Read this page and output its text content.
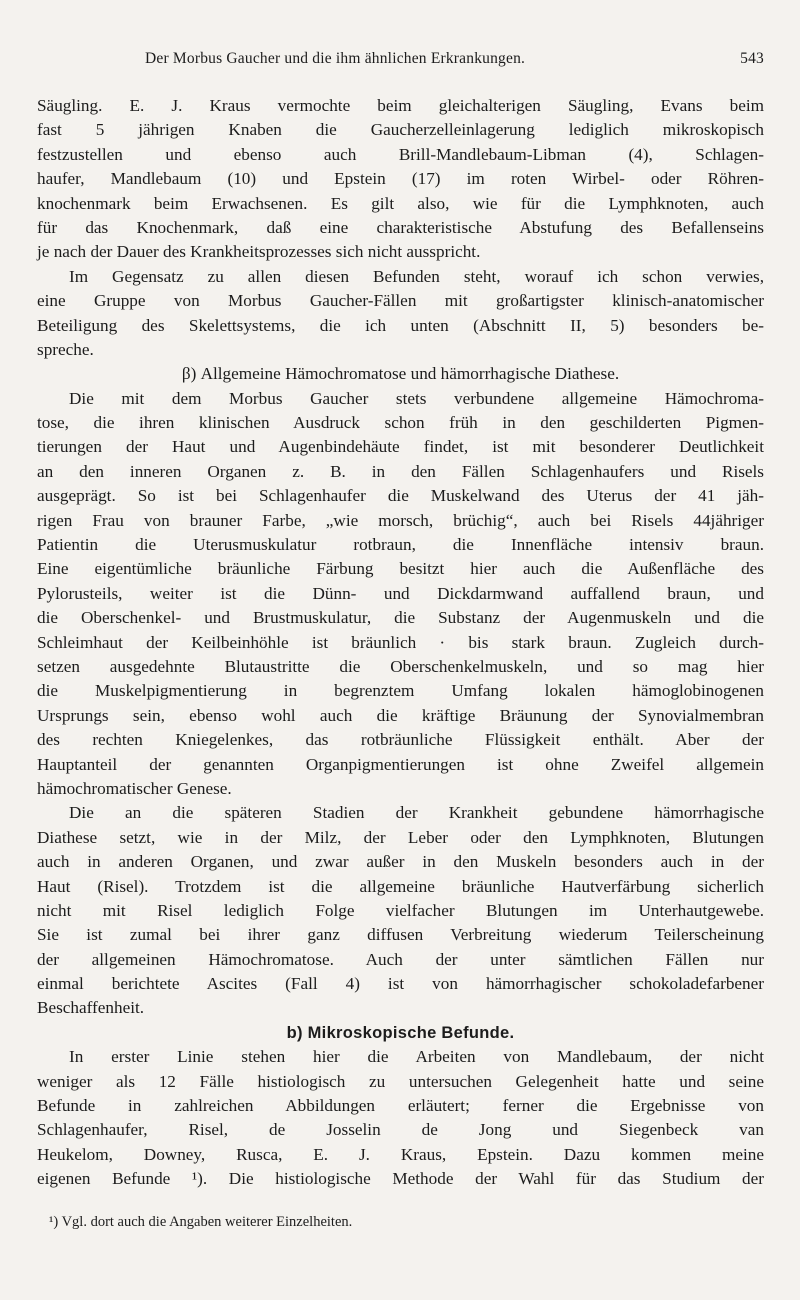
Der Morbus Gaucher und die ihm ähnlichen Erkrankungen.	543
Säugling. E. J. Kraus vermochte beim gleichalterigen Säugling, Evans beim
fast 5 jährigen Knaben die Gaucherzelleinlagerung lediglich mikroskopisch
festzustellen und ebenso auch Brill-Mandlebaum-Libman (4), Schlagen-
haufer, Mandlebaum (10) und Epstein (17) im roten Wirbel- oder Röhren-
knochenmark beim Erwachsenen. Es gilt also, wie für die Lymphknoten, auch
für das Knochenmark, daß eine charakteristische Abstufung des Befallenseins
je nach der Dauer des Krankheitsprozesses sich nicht ausspricht.
Im Gegensatz zu allen diesen Befunden steht, worauf ich schon verwies,
eine Gruppe von Morbus Gaucher-Fällen mit großartigster klinisch-anatomischer
Beteiligung des Skelettsystems, die ich unten (Abschnitt II, 5) besonders be-
spreche.
β) Allgemeine Hämochromatose und hämorrhagische Diathese.
Die mit dem Morbus Gaucher stets verbundene allgemeine Hämochroma-
tose, die ihren klinischen Ausdruck schon früh in den geschilderten Pigmen-
tierungen der Haut und Augenbindehäute findet, ist mit besonderer Deutlichkeit
an den inneren Organen z. B. in den Fällen Schlagenhaufers und Risels
ausgeprägt. So ist bei Schlagenhaufer die Muskelwand des Uterus der 41 jäh-
rigen Frau von brauner Farbe, „wie morsch, brüchig“, auch bei Risels 44jähriger
Patientin die Uterusmuskulatur rotbraun, die Innenfläche intensiv braun.
Eine eigentümliche bräunliche Färbung besitzt hier auch die Außenfläche des
Pylorusteils, weiter ist die Dünn- und Dickdarmwand auffallend braun, und
die Oberschenkel- und Brustmuskulatur, die Substanz der Augenmuskeln und die
Schleimhaut der Keilbeinhöhle ist bräunlich · bis stark braun. Zugleich durch-
setzen ausgedehnte Blutaustritte die Oberschenkelmuskeln, und so mag hier
die Muskelpigmentierung in begrenztem Umfang lokalen hämoglobinogenen
Ursprungs sein, ebenso wohl auch die kräftige Bräunung der Synovialmembran
des rechten Kniegelenkes, das rotbräunliche Flüssigkeit enthält. Aber der
Hauptanteil der genannten Organpigmentierungen ist ohne Zweifel allgemein
hämochromatischer Genese.
Die an die späteren Stadien der Krankheit gebundene hämorrhagische
Diathese setzt, wie in der Milz, der Leber oder den Lymphknoten, Blutungen
auch in anderen Organen, und zwar außer in den Muskeln besonders auch in der
Haut (Risel). Trotzdem ist die allgemeine bräunliche Hautverfärbung sicherlich
nicht mit Risel lediglich Folge vielfacher Blutungen im Unterhautgewebe.
Sie ist zumal bei ihrer ganz diffusen Verbreitung wiederum Teilerscheinung
der allgemeinen Hämochromatose. Auch der unter sämtlichen Fällen nur
einmal berichtete Ascites (Fall 4) ist von hämorrhagischer schokoladefarbener
Beschaffenheit.
b) Mikroskopische Befunde.
In erster Linie stehen hier die Arbeiten von Mandlebaum, der nicht
weniger als 12 Fälle histiologisch zu untersuchen Gelegenheit hatte und seine
Befunde in zahlreichen Abbildungen erläutert; ferner die Ergebnisse von
Schlagenhaufer, Risel, de Josselin de Jong und Siegenbeck van
Heukelom, Downey, Rusca, E. J. Kraus, Epstein. Dazu kommen meine
eigenen Befunde ¹). Die histiologische Methode der Wahl für das Studium der
¹) Vgl. dort auch die Angaben weiterer Einzelheiten.
